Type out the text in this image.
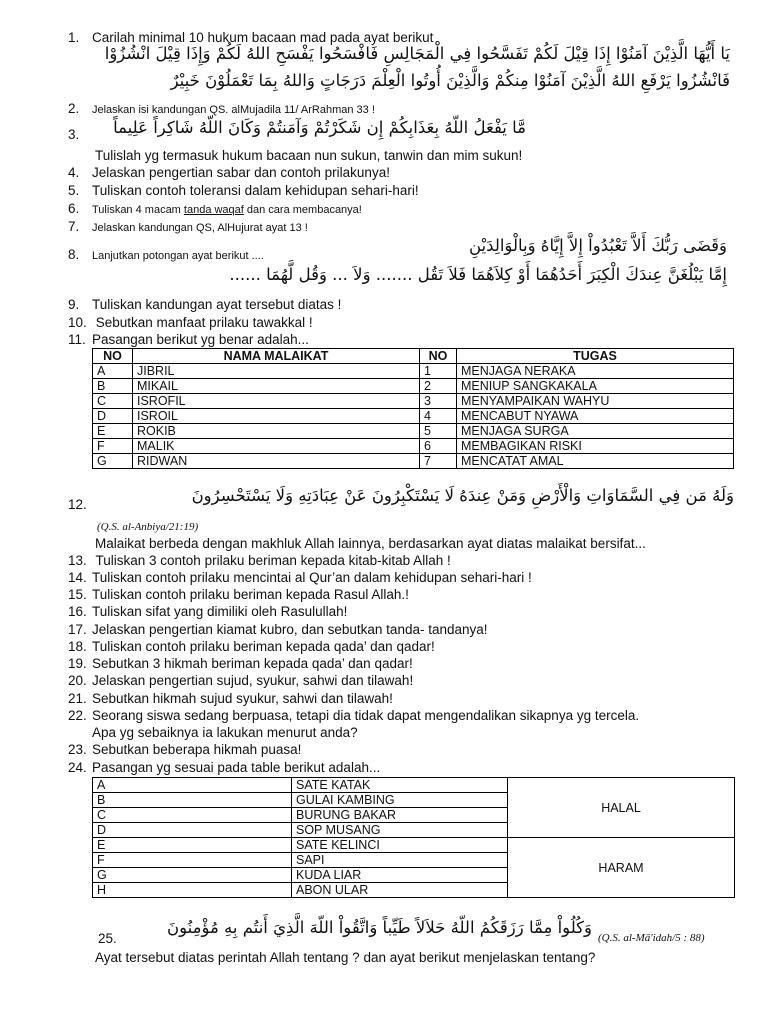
1. Carilah minimal 10 hukum bacaan mad pada ayat berikut
يَا أَيُّهَا الَّذِيْنَ آمَنُوْا إِذَا قِيْلَ لَكُمْ تَفَسَّحُوا فِي الْمَجَالِسِ فَافْسَحُوا يَفْسَحِ اللهُ لَكُمْ وَإِذَا قِيْلَ انْشُزُوْا
فَانْشُزُوا يَرْفَعِ اللهُ الَّذِيْنَ آمَنُوْا مِنكُمْ وَالَّذِيْنَ أُوتُوا الْعِلْمَ دَرَجَاتٍ وَاللهُ بِمَا تَعْمَلُوْنَ خَبِيْرٌ
2. Jelaskan isi kandungan QS. alMujadila 11/ ArRahman 33 !
3.	مَّا يَفْعَلُ اللّهُ بِعَذَابِكُمْ إِن شَكَرْتُمْ وَآمَنتُمْ وَكَانَ اللّهُ شَاكِراً عَلِيماً
Tulislah yg termasuk hukum bacaan nun sukun, tanwin dan mim sukun!
4. Jelaskan pengertian sabar dan contoh prilakunya!
5. Tuliskan contoh toleransi dalam kehidupan sehari-hari!
6. Tuliskan 4 macam tanda waqaf dan cara membacanya!
7. Jelaskan kandungan QS, AlHujurat ayat 13 !
8. Lanjutkan potongan ayat berikut ....
وَقَضَى رَبُّكَ أَلاَّ تَعْبُدُواْ إِلاَّ إِيَّاهُ وَبِالْوَالِدَيْنِ
إِمَّا يَبْلُغَنَّ عِندَكَ الْكِبَرَ أَحَدُهُمَا أَوْ كِلاَهُمَا فَلاَ تَقُل ....... وَلاَ ... وَقُل لَّهُمَا ......
9. Tuliskan kandungan ayat tersebut diatas !
10. Sebutkan manfaat prilaku tawakkal !
11. Pasangan berikut yg benar adalah...
NO	NAMA MALAIKAT	NO	TUGAS
A	JIBRIL	1	MENJAGA NERAKA
B	MIKAIL	2	MENIUP SANGKAKALA
C	ISROFIL	3	MENYAMPAIKAN WAHYU
D	ISROIL	4	MENCABUT NYAWA
E	ROKIB	5	MENJAGA SURGA
F	MALIK	6	MEMBAGIKAN RISKI
G	RIDWAN	7	MENCATAT AMAL
12.	وَلَهُ مَن فِي السَّمَاوَاتِ وَالْأَرْضِ وَمَنْ عِندَهُ لَا يَسْتَكْبِرُونَ عَنْ عِبَادَتِهِ وَلَا يَسْتَحْسِرُونَ
(Q.S. al-Anbiya/21:19)
Malaikat berbeda dengan makhluk Allah lainnya, berdasarkan ayat diatas malaikat bersifat...
13. Tuliskan 3 contoh prilaku beriman kepada kitab-kitab Allah !
14. Tuliskan contoh prilaku mencintai al Qur’an dalam kehidupan sehari-hari !
15. Tuliskan contoh prilaku beriman kepada Rasul Allah.!
16. Tuliskan sifat yang dimiliki oleh Rasulullah!
17. Jelaskan pengertian kiamat kubro, dan sebutkan tanda- tandanya!
18. Tuliskan contoh prilaku beriman kepada qada’ dan qadar!
19. Sebutkan 3 hikmah beriman kepada qada’ dan qadar!
20. Jelaskan pengertian sujud, syukur, sahwi dan tilawah!
21. Sebutkan hikmah sujud syukur, sahwi dan tilawah!
22. Seorang siswa sedang berpuasa, tetapi dia tidak dapat mengendalikan sikapnya yg tercela.
Apa yg sebaiknya ia lakukan menurut anda?
23. Sebutkan beberapa hikmah puasa!
24. Pasangan yg sesuai pada table berikut adalah...
A	SATE KATAK	HALAL
B	GULAI KAMBING	
C	BURUNG BAKAR	
D	SOP MUSANG	
E	SATE KELINCI	HARAM
F	SAPI	
G	KUDA LIAR	
H	ABON ULAR	
25.
وَكُلُواْ مِمَّا رَزَقَكُمُ اللّهُ حَلاَلاً طَيِّباً وَاتَّقُواْ اللّهَ الَّذِيَ أَنتُم بِهِ مُؤْمِنُونَ
(Q.S. al-Mā'idah/5 : 88)
Ayat tersebut diatas perintah Allah tentang ? dan ayat berikut menjelaskan tentang?
